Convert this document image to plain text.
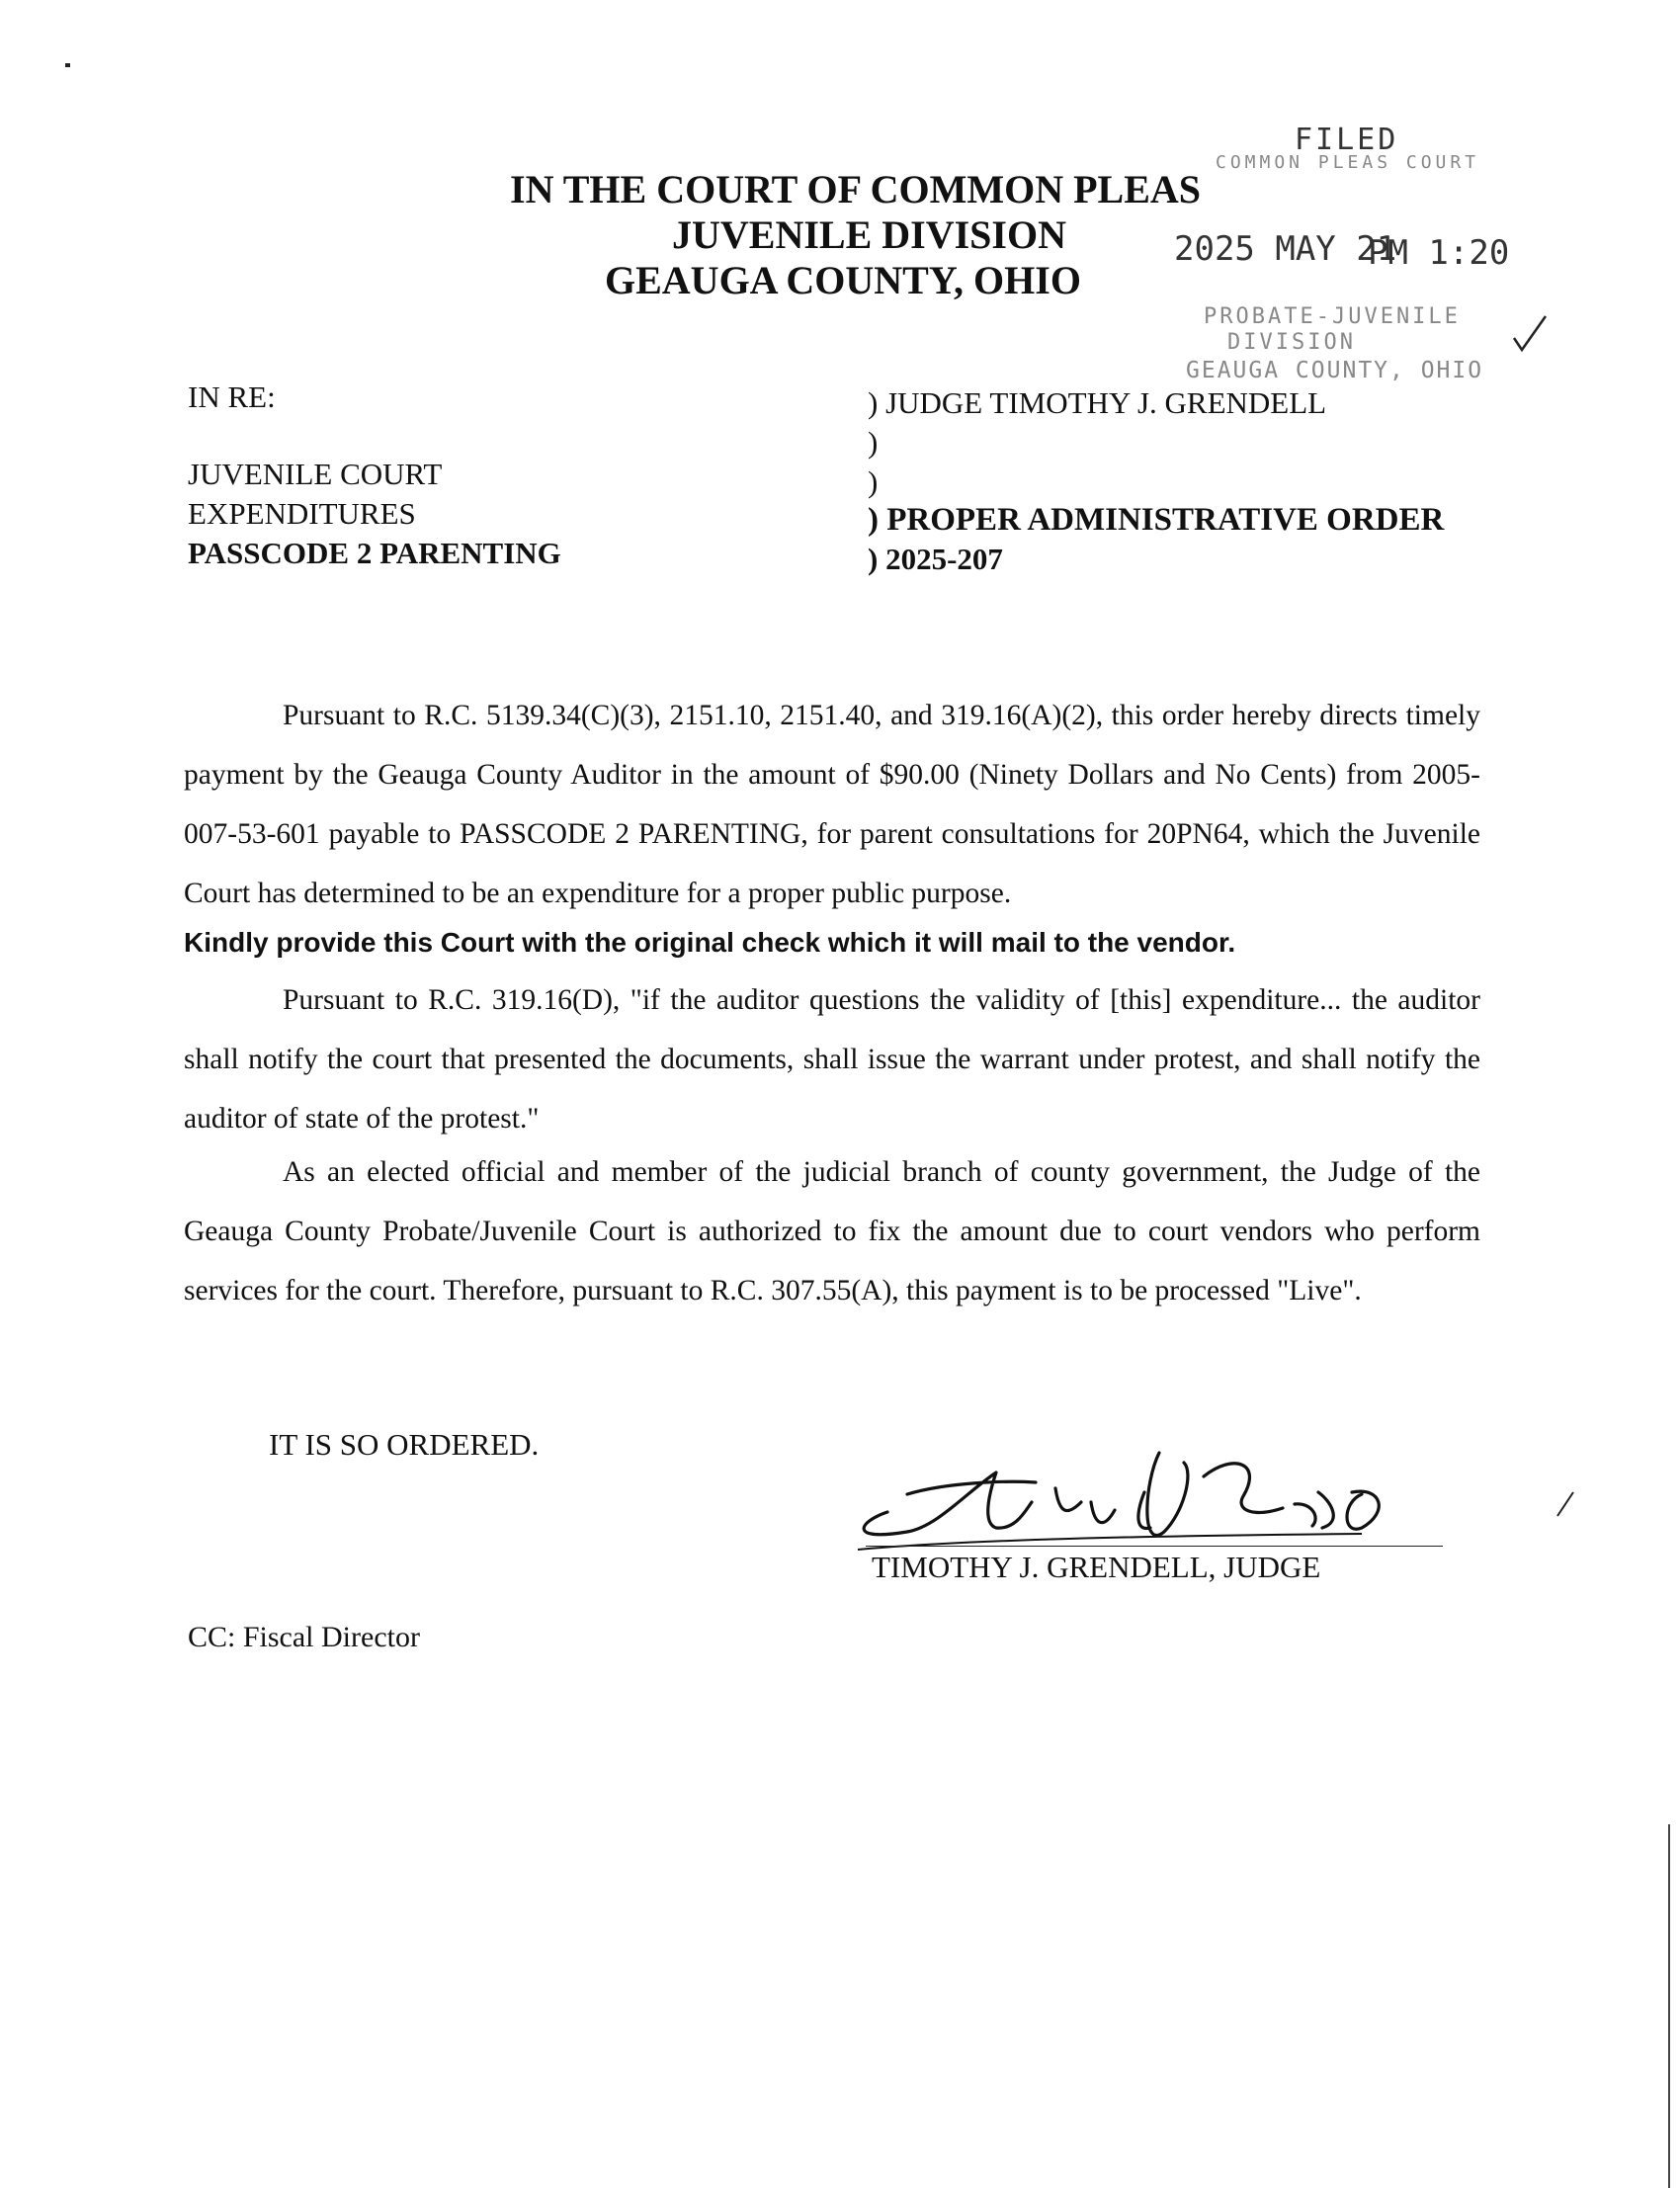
FILED
COMMON PLEAS COURT
2025 MAY 21
PM 1:20
PROBATE-JUVENILE
DIVISION
GEAUGA COUNTY, OHIO
IN THE COURT OF COMMON PLEAS
JUVENILE DIVISION
GEAUGA COUNTY, OHIO
IN RE:
JUVENILE COURT
EXPENDITURES
PASSCODE 2 PARENTING
) JUDGE TIMOTHY J. GRENDELL
)
)
) PROPER ADMINISTRATIVE ORDER
) 2025-207
Pursuant to R.C. 5139.34(C)(3), 2151.10, 2151.40, and 319.16(A)(2), this order hereby directs timely payment by the Geauga County Auditor in the amount of $90.00 (Ninety Dollars and No Cents) from 2005-007-53-601 payable to PASSCODE 2 PARENTING, for parent consultations for 20PN64, which the Juvenile Court has determined to be an expenditure for a proper public purpose.
Kindly provide this Court with the original check which it will mail to the vendor.
Pursuant to R.C. 319.16(D), "if the auditor questions the validity of [this] expenditure... the auditor shall notify the court that presented the documents, shall issue the warrant under protest, and shall notify the auditor of state of the protest."
As an elected official and member of the judicial branch of county government, the Judge of the Geauga County Probate/Juvenile Court is authorized to fix the amount due to court vendors who perform services for the court. Therefore, pursuant to R.C. 307.55(A), this payment is to be processed "Live".
IT IS SO ORDERED.
TIMOTHY J. GRENDELL, JUDGE
CC: Fiscal Director
